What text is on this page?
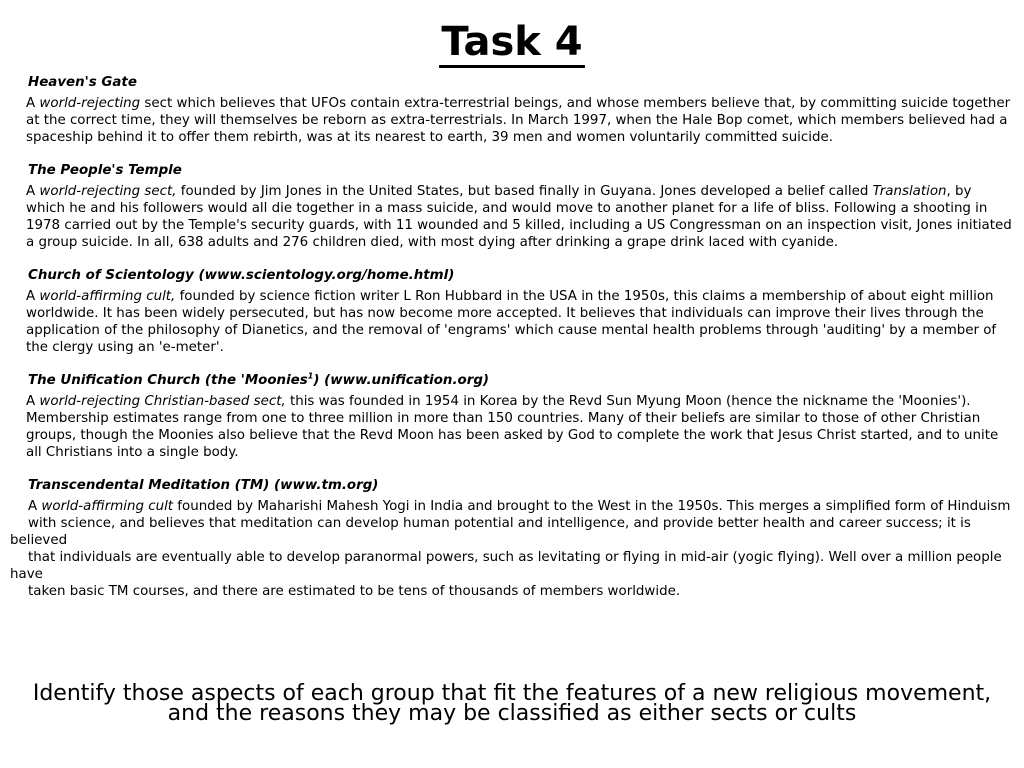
Task 4
Heaven's Gate

A world-rejecting sect which believes that UFOs contain extra-terrestrial beings, and whose members believe that, by committing suicide together at the correct time, they will themselves be reborn as extra-terrestrials. In March 1997, when the Hale Bop comet, which members believed had a spaceship behind it to offer them rebirth, was at its nearest to earth, 39 men and women voluntarily committed suicide.

The People's Temple

A world-rejecting sect, founded by Jim Jones in the United States, but based finally in Guyana. Jones developed a belief called Translation, by which he and his followers would all die together in a mass suicide, and would move to another planet for a life of bliss. Following a shooting in 1978 carried out by the Temple's security guards, with 11 wounded and 5 killed, including a US Congressman on an inspection visit, Jones initiated a group suicide. In all, 638 adults and 276 children died, with most dying after drinking a grape drink laced with cyanide.

Church of Scientology (www.scientology.org/home.html)

A world-affirming cult, founded by science fiction writer L Ron Hubbard in the USA in the 1950s, this claims a membership of about eight million worldwide. It has been widely persecuted, but has now become more accepted. It believes that individuals can improve their lives through the application of the philosophy of Dianetics, and the removal of 'engrams' which cause mental health problems through 'auditing' by a member of the clergy using an 'e-meter'.

The Unification Church (the 'Moonies$^1$) (www.unification.org)

A world-rejecting Christian-based sect, this was founded in 1954 in Korea by the Revd Sun Myung Moon (hence the nickname the 'Moonies'). Membership estimates range from one to three million in more than 150 countries. Many of their beliefs are similar to those of other Christian groups, though the Moonies also believe that the Revd Moon has been asked by God to complete the work that Jesus Christ started, and to unite all Christians into a single body.

Transcendental Meditation (TM) (www.tm.org)

A world-affirming cult founded by Maharishi Mahesh Yogi in India and brought to the West in the 1950s. This merges a simplified form of Hinduism

with science, and believes that meditation can develop human potential and intelligence, and provide better health and career success; it is believed

that individuals are eventually able to develop paranormal powers, such as levitating or flying in mid-air (yogic flying). Well over a million people have

taken basic TM courses, and there are estimated to be tens of thousands of members worldwide.

Identify those aspects of each group that fit the features of a new religious movement, and the reasons they may be classified as either sects or cults
